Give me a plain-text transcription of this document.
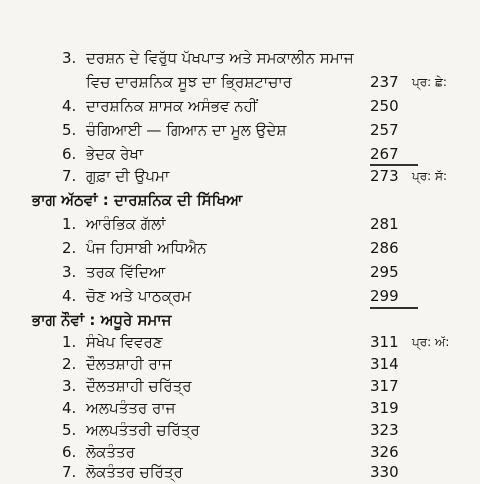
3. ਦਰਸ਼ਨ ਦੇ ਵਿਰੁੱਧ ਪੱਖਪਾਤ ਅਤੇ ਸਮਕਾਲੀਨ ਸਮਾਜ
ਵਿਚ ਦਾਰਸ਼ਨਿਕ ਸੂਝ ਦਾ ਭ੍ਰਿਸ਼ਟਾਚਾਰ	237 ਪ੍ਰ: ਛੇ:
4. ਦਾਰਸ਼ਨਿਕ ਸ਼ਾਸਕ ਅਸੰਭਵ ਨਹੀਂ	250
5. ਚੰਗਿਆਈ — ਗਿਆਨ ਦਾ ਮੂਲ ਉਦੇਸ਼	257
6. ਭੇਦਕ ਰੇਖਾ	267
7. ਗੁਫ਼ਾ ਦੀ ਉਪਮਾ	273 ਪ੍ਰ: ਸੱ:
ਭਾਗ ਅੱਠਵਾਂ : ਦਾਰਸ਼ਨਿਕ ਦੀ ਸਿੱਖਿਆ
1. ਆਰੰਭਿਕ ਗੱਲਾਂ	281
2. ਪੰਜ ਹਿਸਾਬੀ ਅਧਿਐਨ	286
3. ਤਰਕ ਵਿੱਦਿਆ	295
4. ਚੋਣ ਅਤੇ ਪਾਠਕ੍ਰਮ	299
ਭਾਗ ਨੌਵਾਂ : ਅਧੂਰੇ ਸਮਾਜ
1. ਸੰਖੇਪ ਵਿਵਰਣ	311 ਪ੍ਰ: ਅੱ:
2. ਦੌਲਤਸ਼ਾਹੀ ਰਾਜ	314
3. ਦੌਲਤਸ਼ਾਹੀ ਚਰਿੱਤ੍ਰ	317
4. ਅਲਪਤੰਤਰ ਰਾਜ	319
5. ਅਲਪਤੰਤਰੀ ਚਰਿੱਤ੍ਰ	323
6. ਲੋਕਤੰਤਰ	326
7. ਲੋਕਤੰਤਰ ਚਰਿੱਤ੍ਰ	330
